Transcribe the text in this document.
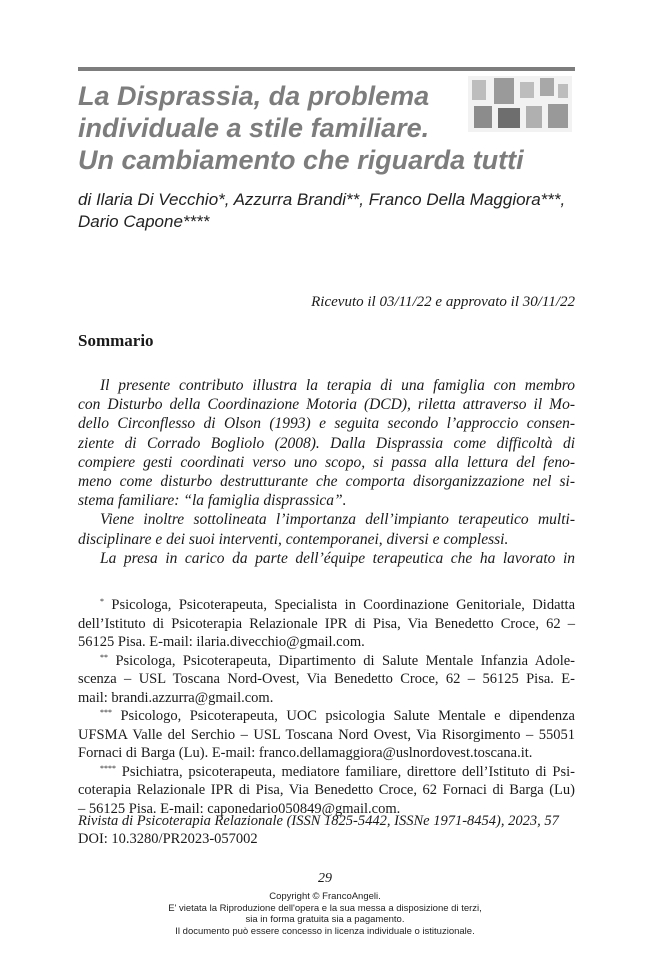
La Disprassia, da problema
individuale a stile familiare.
Un cambiamento che riguarda tutti

di Ilaria Di Vecchio*, Azzurra Brandi**, Franco Della Maggiora***,
Dario Capone****

Ricevuto il 03/11/22 e approvato il 30/11/22
Sommario
Il presente contributo illustra la terapia di una famiglia con membro
con Disturbo della Coordinazione Motoria (DCD), riletta attraverso il Mo-
dello Circonflesso di Olson (1993) e seguita secondo l’approccio consen-
ziente di Corrado Bogliolo (2008). Dalla Disprassia come difficoltà di
compiere gesti coordinati verso uno scopo, si passa alla lettura del feno-
meno come disturbo destrutturante che comporta disorganizzazione nel si-
stema familiare: “la famiglia disprassica”.
Viene inoltre sottolineata l’importanza dell’impianto terapeutico multi-
disciplinare e dei suoi interventi, contemporanei, diversi e complessi.
La presa in carico da parte dell’équipe terapeutica che ha lavorato in
* Psicologa, Psicoterapeuta, Specialista in Coordinazione Genitoriale, Didatta
dell’Istituto di Psicoterapia Relazionale IPR di Pisa, Via Benedetto Croce, 62 –
56125 Pisa. E-mail: ilaria.divecchio@gmail.com.
** Psicologa, Psicoterapeuta, Dipartimento di Salute Mentale Infanzia Adole-
scenza – USL Toscana Nord-Ovest, Via Benedetto Croce, 62 – 56125 Pisa. E-
mail: brandi.azzurra@gmail.com.
*** Psicologo, Psicoterapeuta, UOC psicologia Salute Mentale e dipendenza
UFSMA Valle del Serchio – USL Toscana Nord Ovest, Via Risorgimento – 55051
Fornaci di Barga (Lu). E-mail: franco.dellamaggiora@uslnordovest.toscana.it.
**** Psichiatra, psicoterapeuta, mediatore familiare, direttore dell’Istituto di Psi-
coterapia Relazionale IPR di Pisa, Via Benedetto Croce, 62 Fornaci di Barga (Lu)
– 56125 Pisa. E-mail: caponedario050849@gmail.com.
Rivista di Psicoterapia Relazionale (ISSN 1825-5442, ISSNe 1971-8454), 2023, 57
DOI: 10.3280/PR2023-057002
29
Copyright © FrancoAngeli.
E' vietata la Riproduzione dell'opera e la sua messa a disposizione di terzi,
sia in forma gratuita sia a pagamento.
Il documento può essere concesso in licenza individuale o istituzionale.
